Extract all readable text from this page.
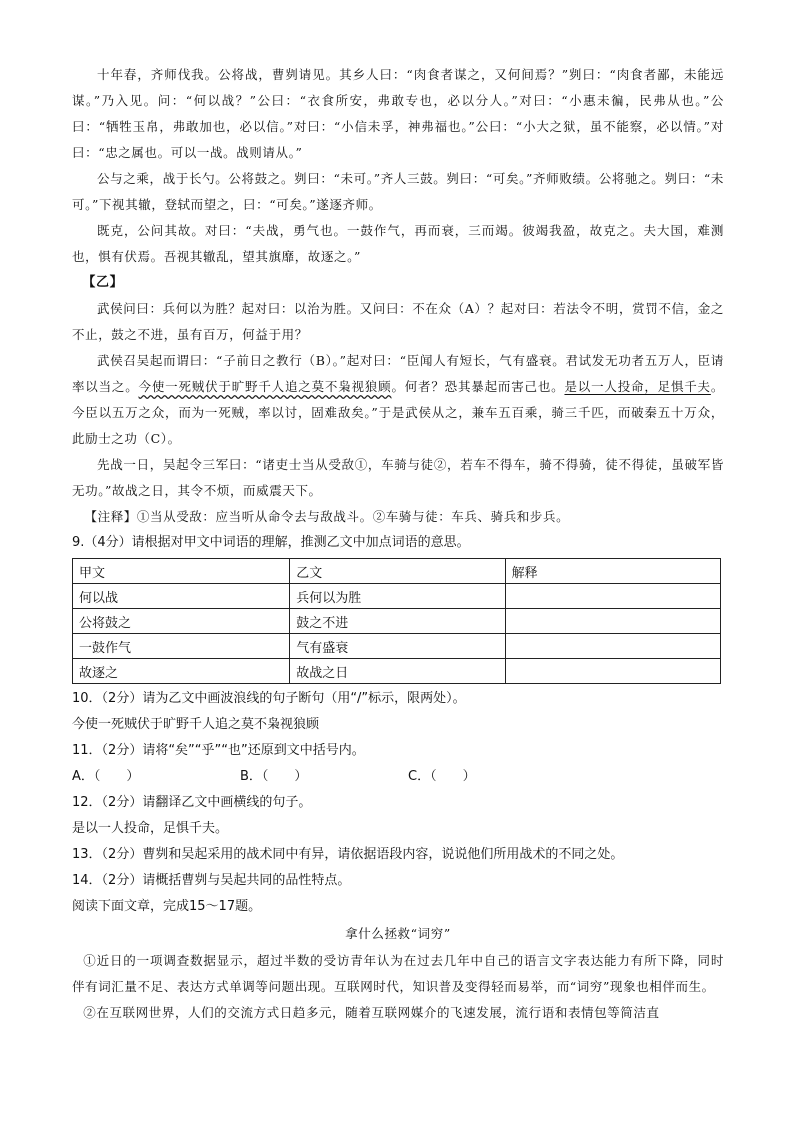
十年春，齐师伐我。公将战，曹刿请见。其乡人曰：“肉食者谋之，又何间焉？”刿曰：“肉食者鄙，未能远谋。”乃入见。问：“何以战？”公曰：“衣食所安，弗敢专也，必以分人。”对曰：“小惠未徧，民弗从也。”公曰：“牺牲玉帛，弗敢加也，必以信。”对曰：“小信未孚，神弗福也。”公曰：“小大之狱，虽不能察，必以情。”对曰：“忠之属也。可以一战。战则请从。”

公与之乘，战于长勺。公将鼓之。刿曰：“未可。”齐人三鼓。刿曰：“可矣。”齐师败绩。公将驰之。刿曰：“未可。”下视其辙，登轼而望之，曰：“可矣。”遂逐齐师。

既克，公问其故。对曰：“夫战，勇气也。一鼓作气，再而衰，三而竭。彼竭我盈，故克之。夫大国，难测也，惧有伏焉。吾视其辙乱，望其旗靡，故逐之。”

【乙】

武侯问曰：兵何以为胜？起对曰：以治为胜。又问曰：不在众（A）？起对曰：若法令不明，赏罚不信，金之不止，鼓之不进，虽有百万，何益于用？

武侯召吴起而谓曰：“子前日之教行（B）。”起对曰：“臣闻人有短长，气有盛衰。君试发无功者五万人，臣请率以当之。今使一死贼伏于旷野千人追之莫不枭视狼顾。何者？恐其暴起而害己也。是以一人投命，足惧千夫。今臣以五万之众，而为一死贼，率以讨，固难敌矣。”于是武侯从之，兼车五百乘，骑三千匹，而破秦五十万众，此励士之功（C）。

先战一日，吴起令三军曰：“诸吏士当从受敌①，车骑与徒②，若车不得车，骑不得骑，徒不得徒，虽破军皆无功。”故战之日，其令不烦，而威震天下。

【注释】①当从受敌：应当听从命令去与敌战斗。②车骑与徒：车兵、骑兵和步兵。

9.（4分）请根据对甲文中词语的理解，推测乙文中加点词语的意思。

甲文	乙文	解释
何以战	兵何以为胜	
公将鼓之	鼓之不进	
一鼓作气	气有盛衰	
故逐之	故战之日	

10．（2分）请为乙文中画波浪线的句子断句（用“/”标示，限两处）。

今使一死贼伏于旷野千人追之莫不枭视狼顾

11．（2分）请将“矣”“乎”“也”还原到文中括号内。

A．（　　）	B．（　　）	C．（　　）

12．（2分）请翻译乙文中画横线的句子。

是以一人投命，足惧千夫。

13．（2分）曹刿和吴起采用的战术同中有异，请依据语段内容，说说他们所用战术的不同之处。

14．（2分）请概括曹刿与吴起共同的品性特点。

阅读下面文章，完成15～17题。

拿什么拯救“词穷”

①近日的一项调查数据显示，超过半数的受访青年认为在过去几年中自己的语言文字表达能力有所下降，同时伴有词汇量不足、表达方式单调等问题出现。互联网时代，知识普及变得轻而易举，而“词穷”现象也相伴而生。

②在互联网世界，人们的交流方式日趋多元，随着互联网媒介的飞速发展，流行语和表情包等简洁直
